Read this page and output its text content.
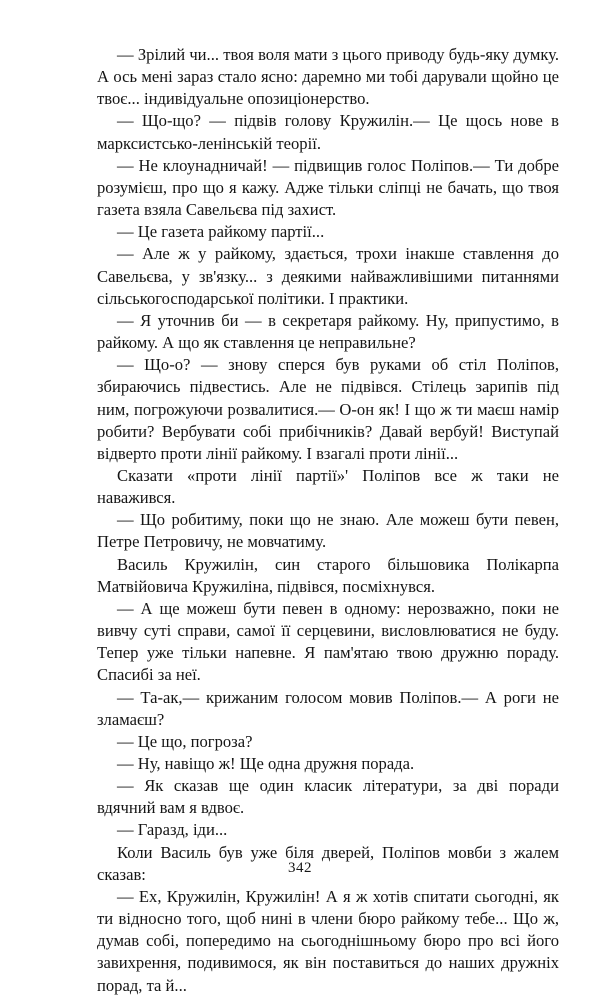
— Зрілий чи... твоя воля мати з цього приводу будь-яку думку. А ось мені зараз стало ясно: даремно ми тобі дарували щойно це твоє... індивідуальне опозиціонерство.

— Що-що? — підвів голову Кружилін.— Це щось нове в марксистсько-ленінській теорії.

— Не клоунадничай! — підвищив голос Поліпов.— Ти добре розумієш, про що я кажу. Адже тільки сліпці не бачать, що твоя газета взяла Савельєва під захист.

— Це газета райкому партії...

— Але ж у райкому, здається, трохи інакше ставлення до Савельєва, у зв'язку... з деякими найважливішими питаннями сільськогосподарської політики. І практики.

— Я уточнив би — в секретаря райкому. Ну, припустимо, в райкому. А що як ставлення це неправильне?

— Що-о? — знову сперся був руками об стіл Поліпов, збираючись підвестись. Але не підвівся. Стілець зарипів під ним, погрожуючи розвалитися.— О-он як! І що ж ти маєш намір робити? Вербувати собі прибічників? Давай вербуй! Виступай відверто проти лінії райкому. І взагалі проти лінії...

Сказати «проти лінії партії»' Поліпов все ж таки не наважився.

— Що робитиму, поки що не знаю. Але можеш бути певен, Петре Петровичу, не мовчатиму.

Василь Кружилін, син старого більшовика Полікарпа Матвійовича Кружиліна, підвівся, посміхнувся.

— А ще можеш бути певен в одному: нерозважно, поки не вивчу суті справи, самої її серцевини, висловлюватися не буду. Тепер уже тільки напевне. Я пам'ятаю твою дружню пораду. Спасибі за неї.

— Та-ак,— крижаним голосом мовив Поліпов.— А роги не зламаєш?

— Це що, погроза?

— Ну, навіщо ж! Ще одна дружня порада.

— Як сказав ще один класик літератури, за дві поради вдячний вам я вдвоє.

— Гаразд, іди...

Коли Василь був уже біля дверей, Поліпов мовби з жалем сказав:

— Ех, Кружилін, Кружилін! А я ж хотів спитати сьогодні, як ти відносно того, щоб нині в члени бюро райкому тебе... Що ж, думав собі, попередимо на сьогоднішньому бюро про всі його завихрення, подивимося, як він поставиться до наших дружніх порад, та й...

342
